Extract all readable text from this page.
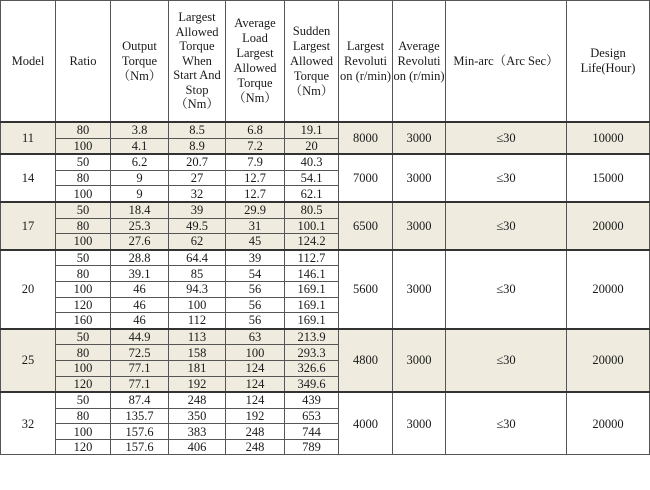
Model	Ratio	Output Torque （Nm）	Largest Allowed Torque When Start And Stop （Nm）	Average Load Largest Allowed Torque （Nm）	Sudden Largest Allowed Torque （Nm）	Largest Revoluti on (r/min)	Average Revoluti on (r/min)	Min-arc（Arc Sec）	Design Life(Hour)
11	80	3.8	8.5	6.8	19.1	8000	3000	≤30	10000
	100	4.1	8.9	7.2	20				
14	50	6.2	20.7	7.9	40.3	7000	3000	≤30	15000
	80	9	27	12.7	54.1				
	100	9	32	12.7	62.1				
17	50	18.4	39	29.9	80.5	6500	3000	≤30	20000
	80	25.3	49.5	31	100.1				
	100	27.6	62	45	124.2				
20	50	28.8	64.4	39	112.7	5600	3000	≤30	20000
	80	39.1	85	54	146.1				
	100	46	94.3	56	169.1				
	120	46	100	56	169.1				
	160	46	112	56	169.1				
25	50	44.9	113	63	213.9	4800	3000	≤30	20000
	80	72.5	158	100	293.3				
	100	77.1	181	124	326.6				
	120	77.1	192	124	349.6				
32	50	87.4	248	124	439	4000	3000	≤30	20000
	80	135.7	350	192	653				
	100	157.6	383	248	744				
	120	157.6	406	248	789				
